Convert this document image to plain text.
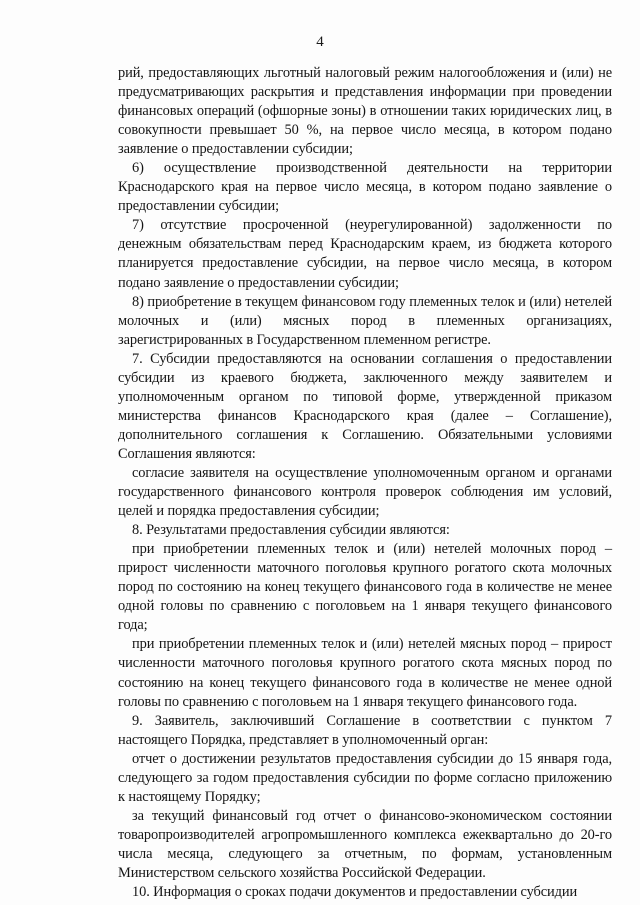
4

рий, предоставляющих льготный налоговый режим налогообложения и (или) не предусматривающих раскрытия и представления информации при проведении финансовых операций (офшорные зоны) в отношении таких юридических лиц, в совокупности превышает 50 %, на первое число месяца, в котором подано заявление о предоставлении субсидии;

6) осуществление производственной деятельности на территории Краснодарского края на первое число месяца, в котором подано заявление о предоставлении субсидии;

7) отсутствие просроченной (неурегулированной) задолженности по денежным обязательствам перед Краснодарским краем, из бюджета которого планируется предоставление субсидии, на первое число месяца, в котором подано заявление о предоставлении субсидии;

8) приобретение в текущем финансовом году племенных телок и (или) нетелей молочных и (или) мясных пород в племенных организациях, зарегистрированных в Государственном племенном регистре.

7. Субсидии предоставляются на основании соглашения о предоставлении субсидии из краевого бюджета, заключенного между заявителем и уполномоченным органом по типовой форме, утвержденной приказом министерства финансов Краснодарского края (далее – Соглашение), дополнительного соглашения к Соглашению. Обязательными условиями Соглашения являются:

согласие заявителя на осуществление уполномоченным органом и органами государственного финансового контроля проверок соблюдения им условий, целей и порядка предоставления субсидии;

8. Результатами предоставления субсидии являются:

при приобретении племенных телок и (или) нетелей молочных пород – прирост численности маточного поголовья крупного рогатого скота молочных пород по состоянию на конец текущего финансового года в количестве не менее одной головы по сравнению с поголовьем на 1 января текущего финансового года;

при приобретении племенных телок и (или) нетелей мясных пород – прирост численности маточного поголовья крупного рогатого скота мясных пород по состоянию на конец текущего финансового года в количестве не менее одной головы по сравнению с поголовьем на 1 января текущего финансового года.

9. Заявитель, заключивший Соглашение в соответствии с пунктом 7 настоящего Порядка, представляет в уполномоченный орган:

отчет о достижении результатов предоставления субсидии до 15 января года, следующего за годом предоставления субсидии по форме согласно приложению к настоящему Порядку;

за текущий финансовый год отчет о финансово-экономическом состоянии товаропроизводителей агропромышленного комплекса ежеквартально до 20-го числа месяца, следующего за отчетным, по формам, установленным Министерством сельского хозяйства Российской Федерации.

10. Информация о сроках подачи документов и предоставлении субсидии
